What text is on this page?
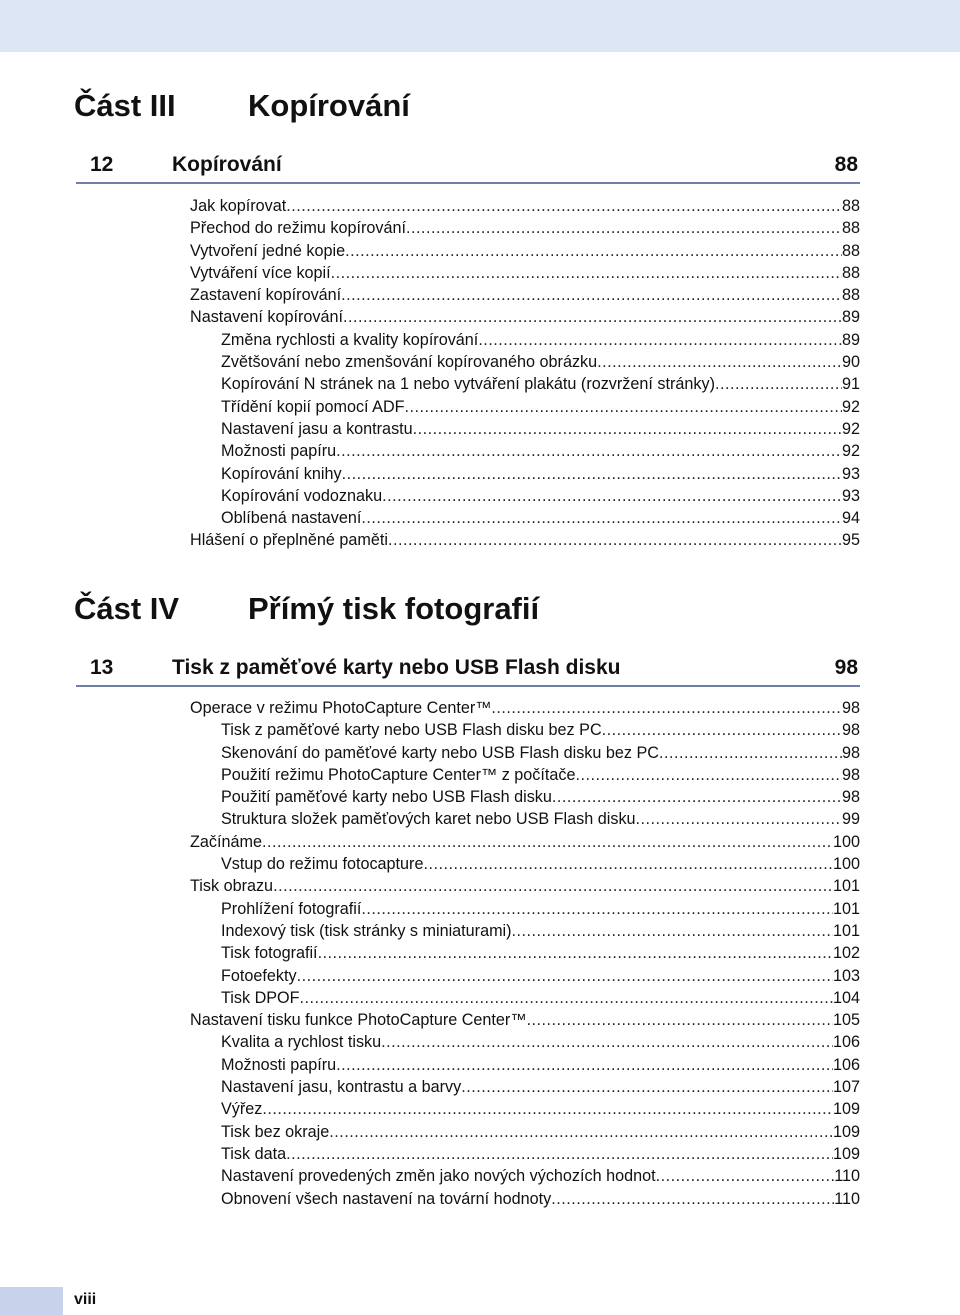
Část III	Kopírování
12	Kopírování	88
Jak kopírovat .....	88
Přechod do režimu kopírování .....	88
Vytvoření jedné kopie .....	88
Vytváření více kopií .....	88
Zastavení kopírování .....	88
Nastavení kopírování .....	89
Změna rychlosti a kvality kopírování .....	89
Zvětšování nebo zmenšování kopírovaného obrázku .....	90
Kopírování N stránek na 1 nebo vytváření plakátu (rozvržení stránky) .....	91
Třídění kopií pomocí ADF .....	92
Nastavení jasu a kontrastu .....	92
Možnosti papíru .....	92
Kopírování knihy .....	93
Kopírování vodoznaku .....	93
Oblíbená nastavení .....	94
Hlášení o přeplněné paměti .....	95
Část IV	Přímý tisk fotografií
13	Tisk z paměťové karty nebo USB Flash disku	98
Operace v režimu PhotoCapture Center™ .....	98
Tisk z paměťové karty nebo USB Flash disku bez PC .....	98
Skenování do paměťové karty nebo USB Flash disku bez PC .....	98
Použití režimu PhotoCapture Center™ z počítače .....	98
Použití paměťové karty nebo USB Flash disku .....	98
Struktura složek paměťových karet nebo USB Flash disku .....	99
Začínáme .....	100
Vstup do režimu fotocapture .....	100
Tisk obrazu .....	101
Prohlížení fotografií .....	101
Indexový tisk (tisk stránky s miniaturami) .....	101
Tisk fotografií .....	102
Fotoefekty .....	103
Tisk DPOF .....	104
Nastavení tisku funkce PhotoCapture Center™ .....	105
Kvalita a rychlost tisku .....	106
Možnosti papíru .....	106
Nastavení jasu, kontrastu a barvy .....	107
Výřez .....	109
Tisk bez okraje .....	109
Tisk data .....	109
Nastavení provedených změn jako nových výchozích hodnot .....	110
Obnovení všech nastavení na tovární hodnoty .....	110
viii
